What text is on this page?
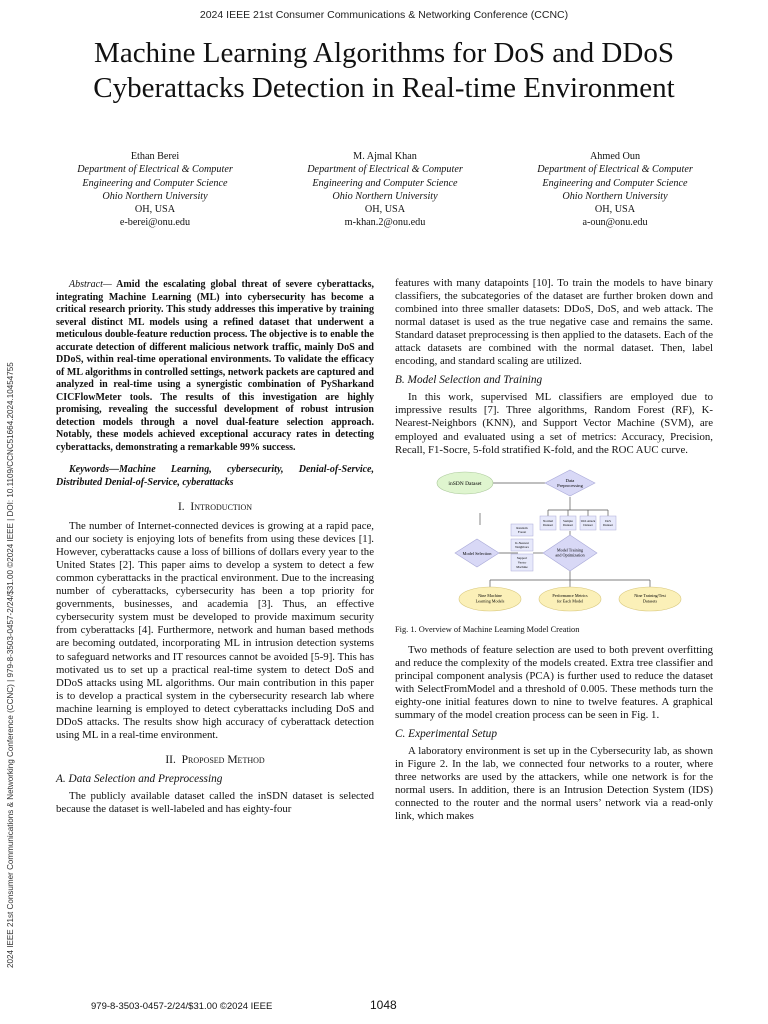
2024 IEEE 21st Consumer Communications & Networking Conference (CCNC)
Machine Learning Algorithms for DoS and DDoS Cyberattacks Detection in Real-time Environment
Ethan Berei
Department of Electrical & Computer
Engineering and Computer Science
Ohio Northern University
OH, USA
e-berei@onu.edu
M. Ajmal Khan
Department of Electrical & Computer
Engineering and Computer Science
Ohio Northern University
OH, USA
m-khan.2@onu.edu
Ahmed Oun
Department of Electrical & Computer
Engineering and Computer Science
Ohio Northern University
OH, USA
a-oun@onu.edu
2024 IEEE 21st Consumer Communications & Networking Conference (CCNC) | 979-8-3503-0457-2/24/$31.00 ©2024 IEEE | DOI: 10.1109/CCNC51664.2024.10454755

Abstract— Amid the escalating global threat of severe cyberattacks, integrating Machine Learning (ML) into cybersecurity has become a critical research priority. This study addresses this imperative by training several distinct ML models using a refined dataset that underwent a meticulous double-feature reduction process. The objective is to enable the accurate detection of different malicious network traffic, mainly DoS and DDoS, within real-time operational environments. To validate the efficacy of ML algorithms in controlled settings, network packets are captured and analyzed in real-time using a synergistic combination of PySharkand CICFlowMeter tools. The results of this investigation are highly promising, revealing the successful development of robust intrusion detection models through a novel dual-feature selection approach. Notably, these models achieved exceptional accuracy rates in detecting cyberattacks, demonstrating a remarkable 99% success.

Keywords—Machine Learning, cybersecurity, Denial-of-Service, Distributed Denial-of-Service, cyberattacks

I. Introduction

The number of Internet-connected devices is growing at a rapid pace, and our society is enjoying lots of benefits from using these devices [1]. However, cyberattacks cause a loss of billions of dollars every year to the United States [2]. This paper aims to develop a system to detect a few common cyberattacks in the practical environment. Due to the increasing number of cyberattacks, cybersecurity has been a top priority for governments, businesses, and academia [3]. Thus, an effective cybersecurity system must be developed to provide maximum security from cyberattacks [4]. Furthermore, network and human based methods are becoming outdated, incorporating ML in intrusion detection systems to safeguard networks and IT resources cannot be avoided [5-9]. This has motivated us to set up a practical real-time system to detect DoS and DDoS attacks using ML algorithms. Our main contribution in this paper is to develop a practical system in the cybersecurity research lab where machine learning is employed to detect cyberattacks including DoS and DDoS attacks. The results show high accuracy of cyberattack detection using ML in a real-time environment.

II. Proposed Method
A. Data Selection and Preprocessing

The publicly available dataset called the inSDN dataset is selected because the dataset is well-labeled and has eighty-four

features with many datapoints [10]. To train the models to have binary classifiers, the subcategories of the dataset are further broken down and combined into three smaller datasets: DDoS, DoS, and web attack. The normal dataset is used as the true negative case and remains the same. Standard dataset preprocessing is then applied to the datasets. Each of the attack datasets are combined with the normal dataset. Then, label encoding, and standard scaling are utilized.

B. Model Selection and Training

In this work, supervised ML classifiers are employed due to impressive results [7]. Three algorithms, Random Forest (RF), K-Nearest-Neighbors (KNN), and Support Vector Machine (SVM), are employed and evaluated using a set of metrics: Accuracy, Precision, Recall, F1-Socre, 5-fold stratified K-fold, and the ROC AUC curve.

inSDN Dataset
Data
Preprocessing
Normal
Dataset
Sample
Dataset
Web Attack
Dataset
DoS
Dataset
Model Selection
Random
Forest
K-Nearest
Neighbors
Support
Vector
Machine
Model Training
and Optimization
Nine Machine
Learning Models
Performance Metrics
for Each Model
Nine Training/Test
Datasets
Fig. 1. Overview of Machine Learning Model Creation

Two methods of feature selection are used to both prevent overfitting and reduce the complexity of the models created. Extra tree classifier and principal component analysis (PCA) is further used to reduce the dataset with SelectFromModel and a threshold of 0.005. These methods turn the eighty-one initial features down to nine to twelve features. A graphical summary of the model creation process can be seen in Fig. 1.

C. Experimental Setup

A laboratory environment is set up in the Cybersecurity lab, as shown in Figure 2. In the lab, we connected four networks to a router, where three networks are used by the attackers, while one network is for the normal users. In addition, there is an Intrusion Detection System (IDS) connected to the router and the normal users’ network via a read-only link, which makes

979-8-3503-0457-2/24/$31.00 ©2024 IEEE	1048
